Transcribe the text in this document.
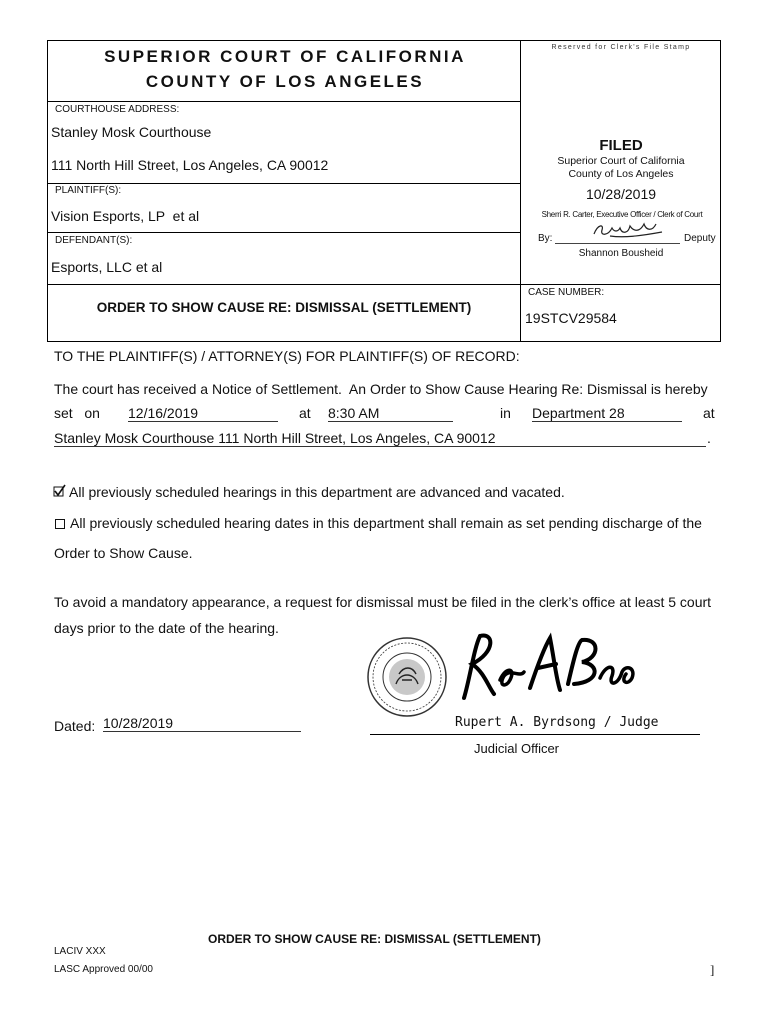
SUPERIOR COURT OF CALIFORNIA
COUNTY OF LOS ANGELES
Reserved for Clerk's File Stamp
COURTHOUSE ADDRESS:
Stanley Mosk Courthouse
111 North Hill Street, Los Angeles, CA 90012
PLAINTIFF(S):
Vision Esports, LP  et al
DEFENDANT(S):
Esports, LLC et al
ORDER TO SHOW CAUSE RE: DISMISSAL (SETTLEMENT)
CASE NUMBER:
19STCV29584
FILED
Superior Court of California
County of Los Angeles
10/28/2019
Sherri R. Carter, Executive Officer / Clerk of Court
By:	Deputy
Shannon Bousheid
TO THE PLAINTIFF(S) / ATTORNEY(S) FOR PLAINTIFF(S) OF RECORD:
The court has received a Notice of Settlement.  An Order to Show Cause Hearing Re: Dismissal is hereby
set   on 12/16/2019	at 8:30 AM	in Department 28	at
Stanley Mosk Courthouse 111 North Hill Street, Los Angeles, CA 90012	.
All previously scheduled hearings in this department are advanced and vacated.
All previously scheduled hearing dates in this department shall remain as set pending discharge of the
Order to Show Cause.
To avoid a mandatory appearance, a request for dismissal must be filed in the clerk’s office at least 5 court
days prior to the date of the hearing.
Dated: 10/28/2019	Rupert A. Byrdsong / Judge
Judicial Officer
ORDER TO SHOW CAUSE RE: DISMISSAL (SETTLEMENT)
LACIV XXX
LASC Approved 00/00	]
